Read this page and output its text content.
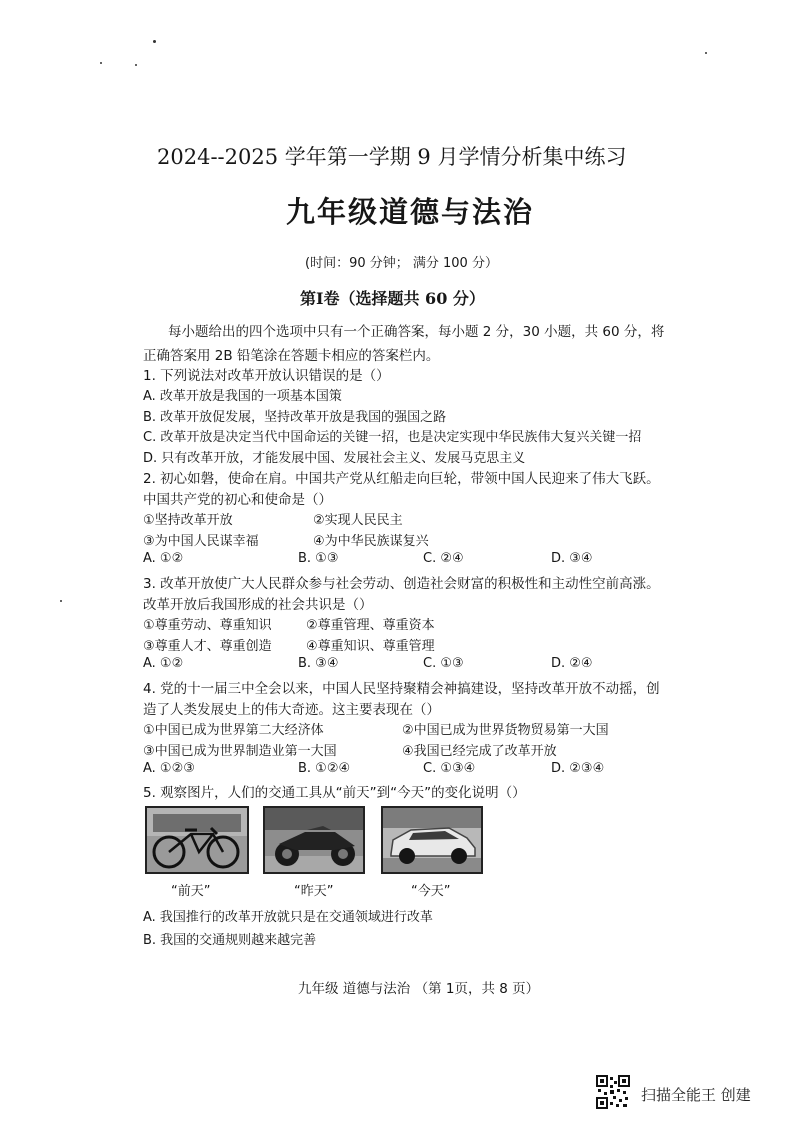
2024--2025 学年第一学期 9 月学情分析集中练习
九年级道德与法治
(时间：90 分钟； 满分 100 分）
第Ⅰ卷（选择题共 60 分）
每小题给出的四个选项中只有一个正确答案，每小题 2 分，30 小题，共 60 分，将
正确答案用 2B 铅笔涂在答题卡相应的答案栏内。
1. 下列说法对改革开放认识错误的是（）
A. 改革开放是我国的一项基本国策
B. 改革开放促发展，坚持改革开放是我国的强国之路
C. 改革开放是决定当代中国命运的关键一招，也是决定实现中华民族伟大复兴关键一招
D. 只有改革开放，才能发展中国、发展社会主义、发展马克思主义
2. 初心如磐，使命在肩。中国共产党从红船走向巨轮，带领中国人民迎来了伟大飞跃。
中国共产党的初心和使命是（）
①坚持改革开放	②实现人民民主
③为中国人民谋幸福	④为中华民族谋复兴
A. ①②	B. ①③	C. ②④	D. ③④
3. 改革开放使广大人民群众参与社会劳动、创造社会财富的积极性和主动性空前高涨。
改革开放后我国形成的社会共识是（）
①尊重劳动、尊重知识	②尊重管理、尊重资本
③尊重人才、尊重创造	④尊重知识、尊重管理
A. ①②	B. ③④	C. ①③	D. ②④
4. 党的十一届三中全会以来，中国人民坚持聚精会神搞建设，坚持改革开放不动摇，创
造了人类发展史上的伟大奇迹。这主要表现在（）
①中国已成为世界第二大经济体	②中国已成为世界货物贸易第一大国
③中国已成为世界制造业第一大国	④我国已经完成了改革开放
A. ①②③	B. ①②④	C. ①③④	D. ②③④
5. 观察图片，人们的交通工具从“前天”到“今天”的变化说明（）
“前天”	“昨天”	“今天”
A. 我国推行的改革开放就只是在交通领域进行改革
B. 我国的交通规则越来越完善
九年级 道德与法治 （第 1页，共 8 页）
扫描全能王 创建
